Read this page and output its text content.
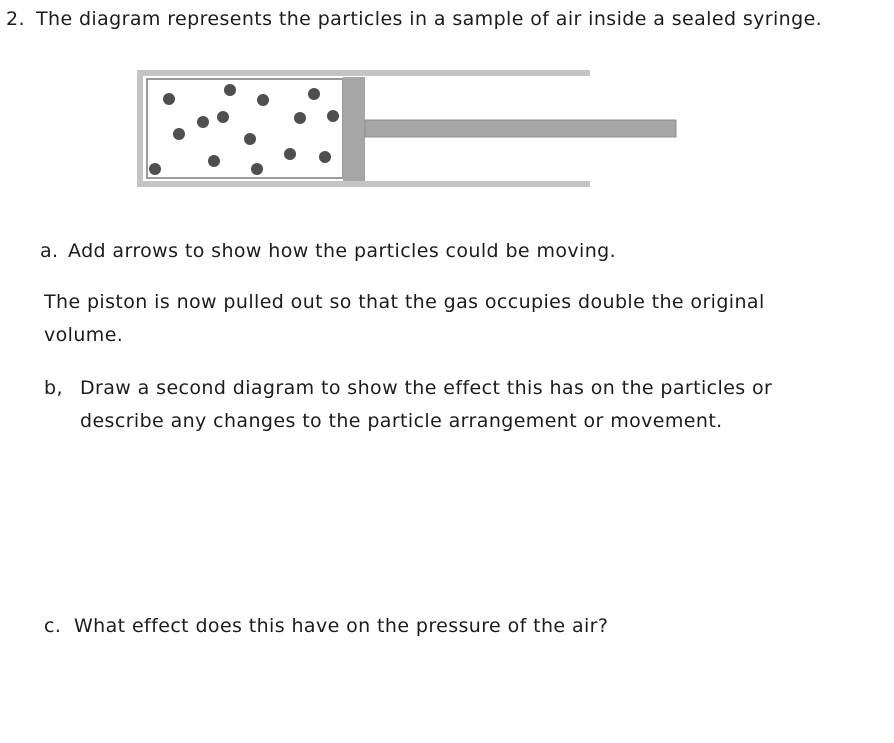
2. The diagram represents the particles in a sample of air inside a sealed syringe.

a. Add arrows to show how the particles could be moving.

The piston is now pulled out so that the gas occupies double the original

volume.

b, Draw a second diagram to show the effect this has on the particles or

describe any changes to the particle arrangement or movement.

c. What effect does this have on the pressure of the air?
